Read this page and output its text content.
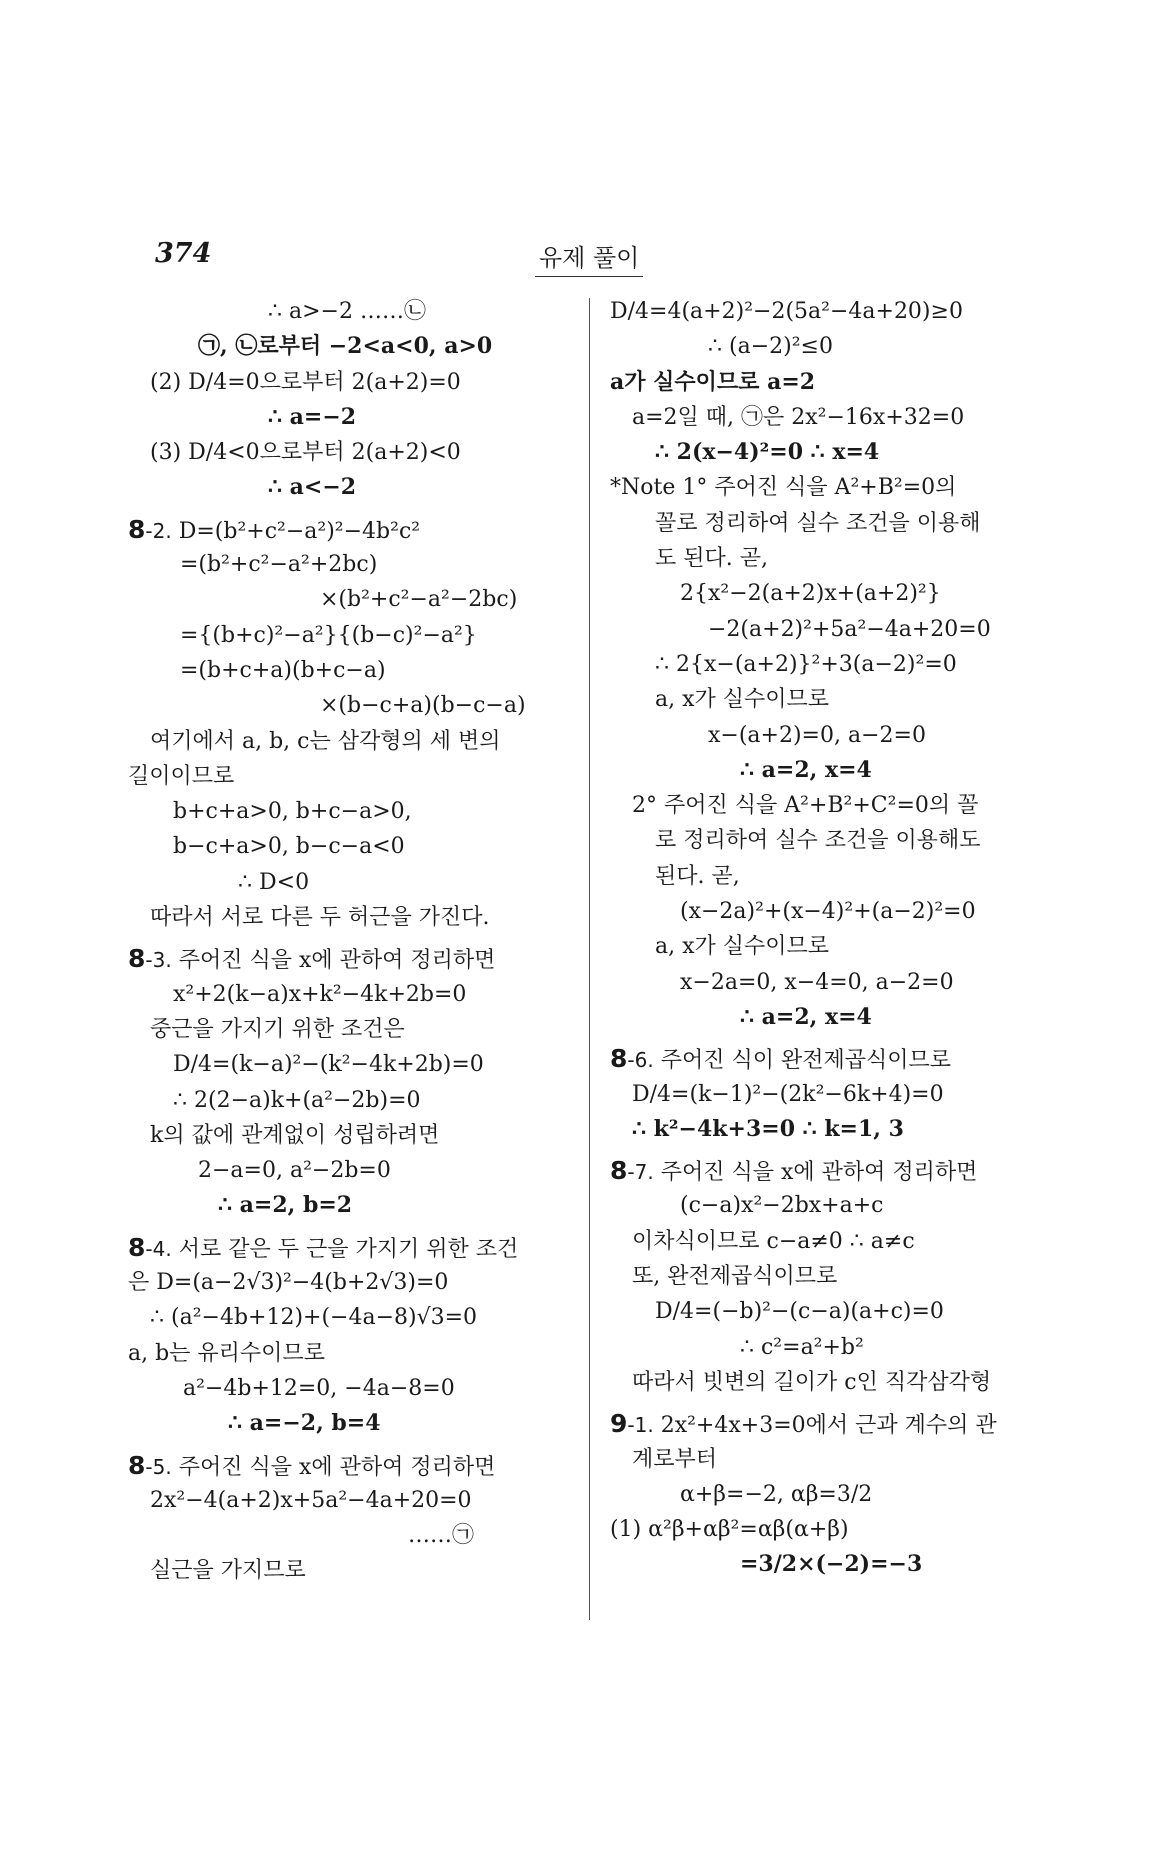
374	유제 풀이
∴ a>−2 ……㉡
㉠, ㉡로부터 −2<a<0, a>0
(2) D/4=0으로부터 2(a+2)=0
∴ a=−2
(3) D/4<0으로부터 2(a+2)<0
∴ a<−2
8-2. D=(b²+c²−a²)²−4b²c²
=(b²+c²−a²+2bc)
×(b²+c²−a²−2bc)
={(b+c)²−a²}{(b−c)²−a²}
=(b+c+a)(b+c−a)
×(b−c+a)(b−c−a)
여기에서 a, b, c는 삼각형의 세 변의
길이이므로
b+c+a>0, b+c−a>0,
b−c+a>0, b−c−a<0
∴ D<0
따라서 서로 다른 두 허근을 가진다.
8-3. 주어진 식을 x에 관하여 정리하면
x²+2(k−a)x+k²−4k+2b=0
중근을 가지기 위한 조건은
D/4=(k−a)²−(k²−4k+2b)=0
∴ 2(2−a)k+(a²−2b)=0
k의 값에 관계없이 성립하려면
2−a=0, a²−2b=0
∴ a=2, b=2
8-4. 서로 같은 두 근을 가지기 위한 조건
은 D=(a−2√3)²−4(b+2√3)=0
∴ (a²−4b+12)+(−4a−8)√3=0
a, b는 유리수이므로
a²−4b+12=0, −4a−8=0
∴ a=−2, b=4
8-5. 주어진 식을 x에 관하여 정리하면
2x²−4(a+2)x+5a²−4a+20=0
……㉠
실근을 가지므로
D/4=4(a+2)²−2(5a²−4a+20)≥0
∴ (a−2)²≤0
a가 실수이므로 a=2
a=2일 때, ㉠은 2x²−16x+32=0
∴ 2(x−4)²=0 ∴ x=4
*Note 1° 주어진 식을 A²+B²=0의
꼴로 정리하여 실수 조건을 이용해
도 된다. 곧,
2{x²−2(a+2)x+(a+2)²}
−2(a+2)²+5a²−4a+20=0
∴ 2{x−(a+2)}²+3(a−2)²=0
a, x가 실수이므로
x−(a+2)=0, a−2=0
∴ a=2, x=4
2° 주어진 식을 A²+B²+C²=0의 꼴
로 정리하여 실수 조건을 이용해도
된다. 곧,
(x−2a)²+(x−4)²+(a−2)²=0
a, x가 실수이므로
x−2a=0, x−4=0, a−2=0
∴ a=2, x=4
8-6. 주어진 식이 완전제곱식이므로
D/4=(k−1)²−(2k²−6k+4)=0
∴ k²−4k+3=0 ∴ k=1, 3
8-7. 주어진 식을 x에 관하여 정리하면
(c−a)x²−2bx+a+c
이차식이므로 c−a≠0 ∴ a≠c
또, 완전제곱식이므로
D/4=(−b)²−(c−a)(a+c)=0
∴ c²=a²+b²
따라서 빗변의 길이가 c인 직각삼각형
9-1. 2x²+4x+3=0에서 근과 계수의 관
계로부터
α+β=−2, αβ=3/2
(1) α²β+αβ²=αβ(α+β)
=3/2×(−2)=−3
